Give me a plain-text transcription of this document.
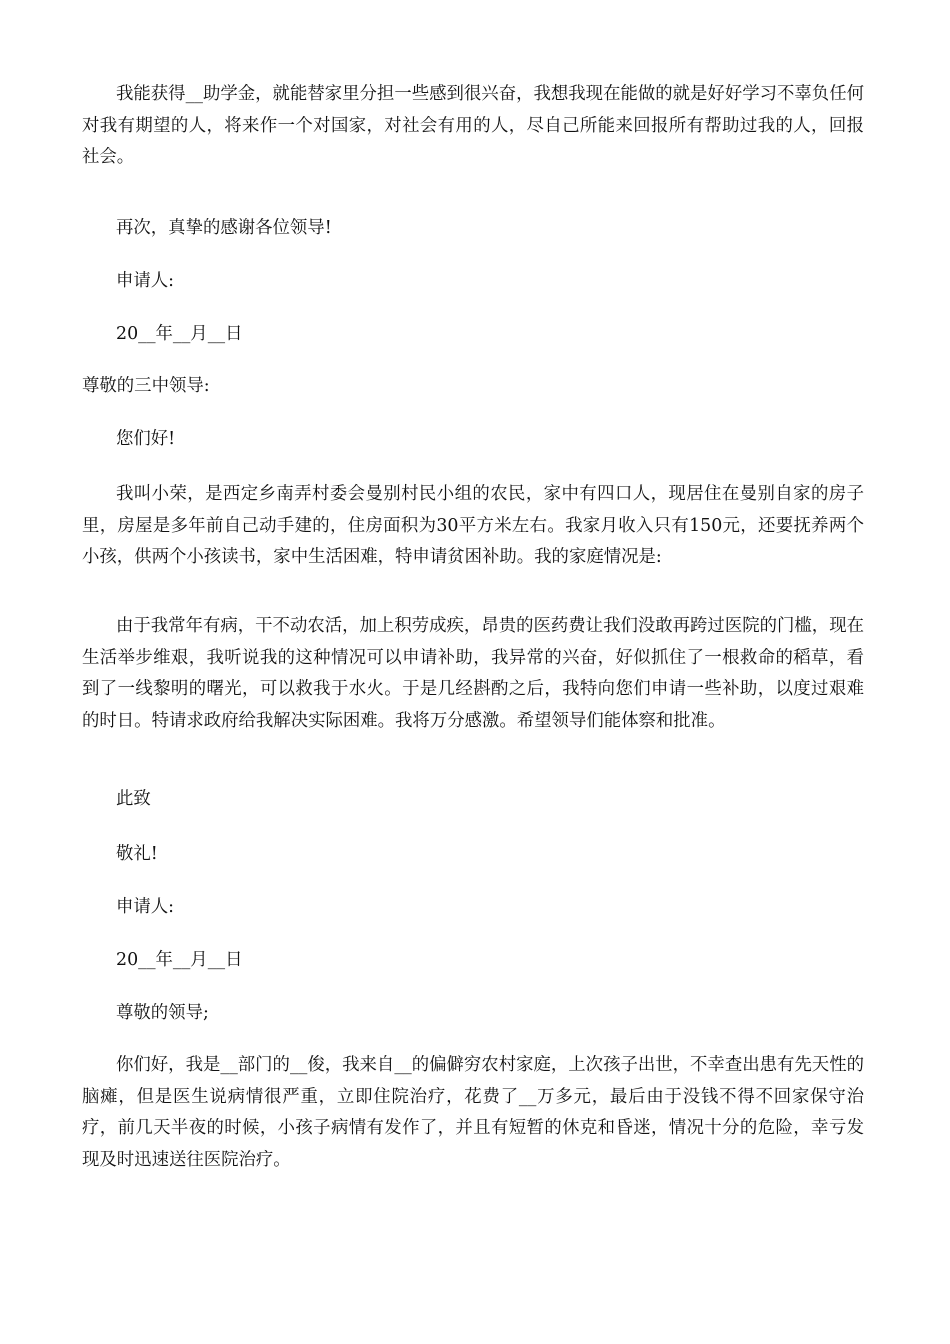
我能获得__助学金，就能替家里分担一些感到很兴奋，我想我现在能做的就是好好学习不辜负任何对我有期望的人，将来作一个对国家，对社会有用的人，尽自己所能来回报所有帮助过我的人，回报社会。

再次，真挚的感谢各位领导!

申请人:

20__年__月__日

尊敬的三中领导:

您们好!

我叫小荣，是西定乡南弄村委会曼别村民小组的农民，家中有四口人，现居住在曼别自家的房子里，房屋是多年前自己动手建的，住房面积为30平方米左右。我家月收入只有150元，还要抚养两个小孩，供两个小孩读书，家中生活困难，特申请贫困补助。我的家庭情况是:

由于我常年有病，干不动农活，加上积劳成疾，昂贵的医药费让我们没敢再跨过医院的门槛，现在生活举步维艰，我听说我的这种情况可以申请补助，我异常的兴奋，好似抓住了一根救命的稻草，看到了一线黎明的曙光，可以救我于水火。于是几经斟酌之后，我特向您们申请一些补助，以度过艰难的时日。特请求政府给我解决实际困难。我将万分感激。希望领导们能体察和批准。

此致

敬礼!

申请人:

20__年__月__日

尊敬的领导;

你们好，我是__部门的__俊，我来自__的偏僻穷农村家庭，上次孩子出世，不幸查出患有先天性的脑瘫，但是医生说病情很严重，立即住院治疗，花费了__万多元，最后由于没钱不得不回家保守治疗，前几天半夜的时候，小孩子病情有发作了，并且有短暂的休克和昏迷，情况十分的危险，幸亏发现及时迅速送往医院治疗。
